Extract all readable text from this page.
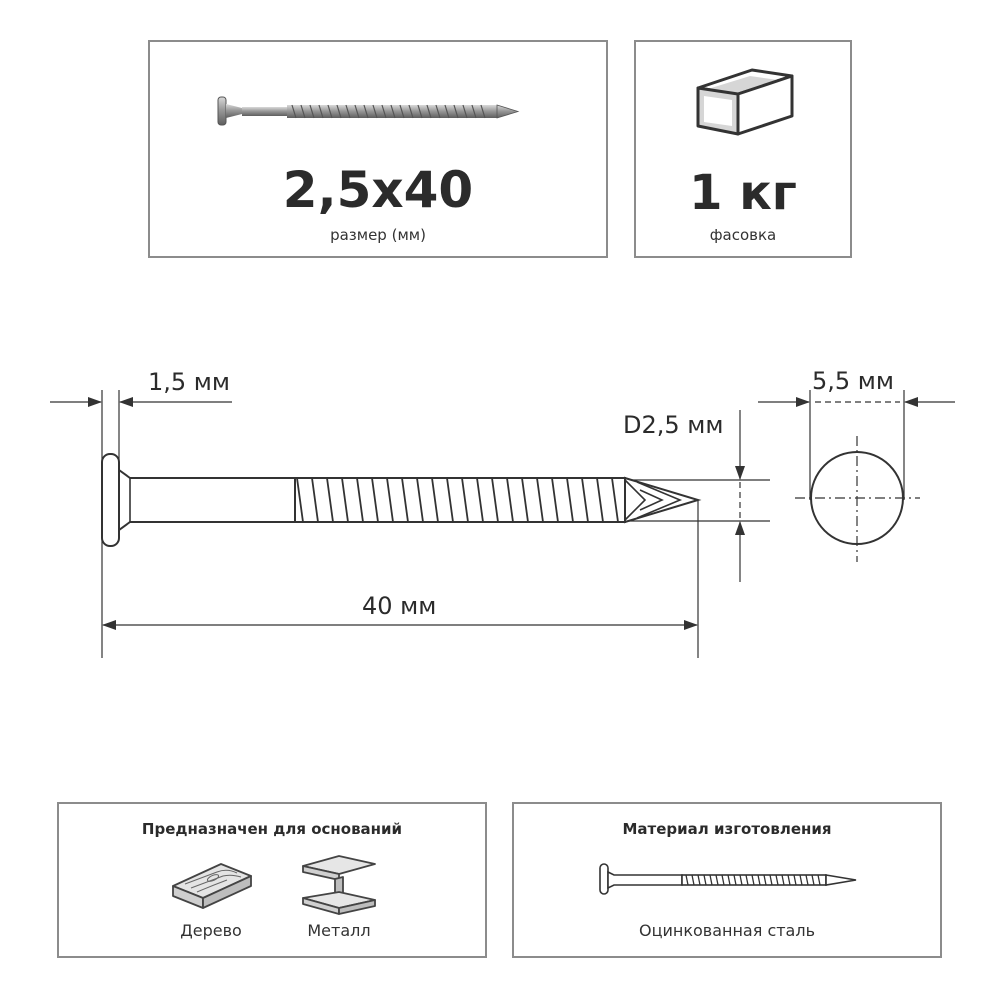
2,5x40
размер (мм)
1 кг
фасовка
1,5 мм
D2,5 мм
5,5 мм
40 мм
Предназначен для оснований
Дерево	Металл
Материал изготовления
Оцинкованная сталь
